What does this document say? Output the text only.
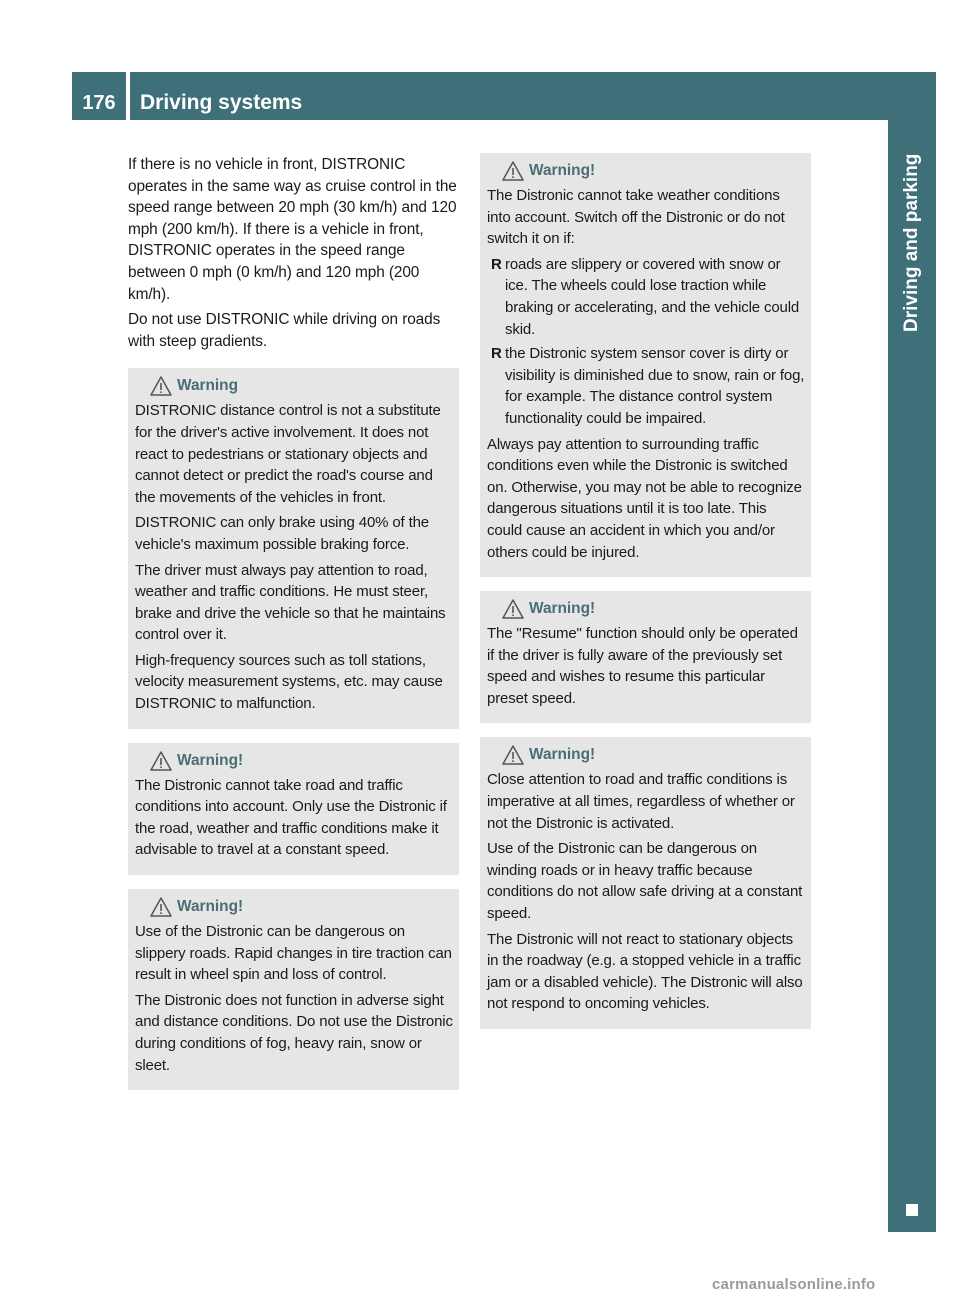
176	Driving systems
Driving and parking

If there is no vehicle in front, DISTRONIC operates in the same way as cruise control in the speed range between 20 mph (30 km/h) and 120 mph (200 km/h). If there is a vehicle in front, DISTRONIC operates in the speed range between 0 mph (0 km/h) and 120 mph (200 km/h).

Do not use DISTRONIC while driving on roads with steep gradients.

Warning

DISTRONIC distance control is not a substitute for the driver's active involvement. It does not react to pedestrians or stationary objects and cannot detect or predict the road's course and the movements of the vehicles in front.

DISTRONIC can only brake using 40% of the vehicle's maximum possible braking force.

The driver must always pay attention to road, weather and traffic conditions. He must steer, brake and drive the vehicle so that he maintains control over it.

High-frequency sources such as toll stations, velocity measurement systems, etc. may cause DISTRONIC to malfunction.

Warning!

The Distronic cannot take road and traffic conditions into account. Only use the Distronic if the road, weather and traffic conditions make it advisable to travel at a constant speed.

Warning!

Use of the Distronic can be dangerous on slippery roads. Rapid changes in tire traction can result in wheel spin and loss of control.

The Distronic does not function in adverse sight and distance conditions. Do not use the Distronic during conditions of fog, heavy rain, snow or sleet.

Warning!

The Distronic cannot take weather conditions into account. Switch off the Distronic or do not switch it on if:

R roads are slippery or covered with snow or ice. The wheels could lose traction while braking or accelerating, and the vehicle could skid.
R the Distronic system sensor cover is dirty or visibility is diminished due to snow, rain or fog, for example. The distance control system functionality could be impaired.

Always pay attention to surrounding traffic conditions even while the Distronic is switched on. Otherwise, you may not be able to recognize dangerous situations until it is too late. This could cause an accident in which you and/or others could be injured.

Warning!

The "Resume" function should only be operated if the driver is fully aware of the previously set speed and wishes to resume this particular preset speed.

Warning!

Close attention to road and traffic conditions is imperative at all times, regardless of whether or not the Distronic is activated.

Use of the Distronic can be dangerous on winding roads or in heavy traffic because conditions do not allow safe driving at a constant speed.

The Distronic will not react to stationary objects in the roadway (e.g. a stopped vehicle in a traffic jam or a disabled vehicle). The Distronic will also not respond to oncoming vehicles.

carmanualsonline.info
